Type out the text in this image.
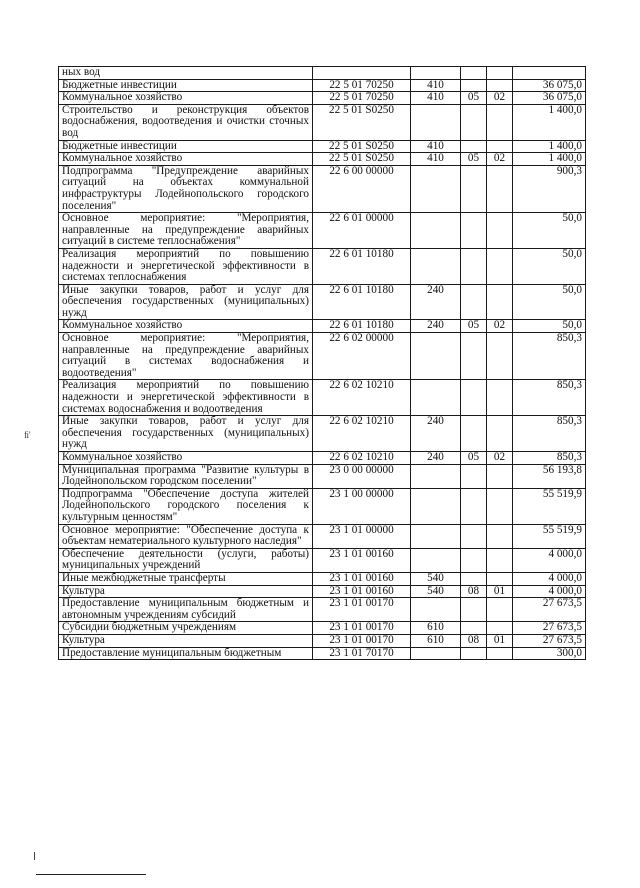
ных вод					
Бюджетные инвестиции	22 5 01 70250	410			36 075,0
Коммунальное хозяйство	22 5 01 70250	410	05	02	36 075,0
Строительство и реконструкция объектов водоснабжения, водоотведения и очистки сточных вод	22 5 01 S0250				1 400,0
Бюджетные инвестиции	22 5 01 S0250	410			1 400,0
Коммунальное хозяйство	22 5 01 S0250	410	05	02	1 400,0
Подпрограмма "Предупреждение аварийных ситуаций на объектах коммунальной инфраструктуры Лодейнопольского городского поселения"	22 6 00 00000				900,3
Основное мероприятие: "Мероприятия, направленные на предупреждение аварийных ситуаций в системе теплоснабжения"	22 6 01 00000				50,0
Реализация мероприятий по повышению надежности и энергетической эффективности в системах теплоснабжения	22 6 01 10180				50,0
Иные закупки товаров, работ и услуг для обеспечения государственных (муниципальных) нужд	22 6 01 10180	240			50,0
Коммунальное хозяйство	22 6 01 10180	240	05	02	50,0
Основное мероприятие: "Мероприятия, направленные на предупреждение аварийных ситуаций в системах водоснабжения и водоотведения"	22 6 02 00000				850,3
Реализация мероприятий по повышению надежности и энергетической эффективности в системах водоснабжения и водоотведения	22 6 02 10210				850,3
Иные закупки товаров, работ и услуг для обеспечения государственных (муниципальных) нужд	22 6 02 10210	240			850,3
Коммунальное хозяйство	22 6 02 10210	240	05	02	850,3
Муниципальная программа "Развитие культуры в Лодейнопольском городском поселении"	23 0 00 00000				56 193,8
Подпрограмма "Обеспечение доступа жителей Лодейнопольского городского поселения к культурным ценностям"	23 1 00 00000				55 519,9
Основное мероприятие: "Обеспечение доступа к объектам нематериального культурного наследия"	23 1 01 00000				55 519,9
Обеспечение деятельности (услуги, работы) муниципальных учреждений	23 1 01 00160				4 000,0
Иные межбюджетные трансферты	23 1 01 00160	540			4 000,0
Культура	23 1 01 00160	540	08	01	4 000,0
Предоставление муниципальным бюджетным и автономным учреждениям субсидий	23 1 01 00170				27 673,5
Субсидии бюджетным учреждениям	23 1 01 00170	610			27 673,5
Культура	23 1 01 00170	610	08	01	27 673,5
Предоставление муниципальным бюджетным	23 1 01 70170				300,0
ﬁ'
